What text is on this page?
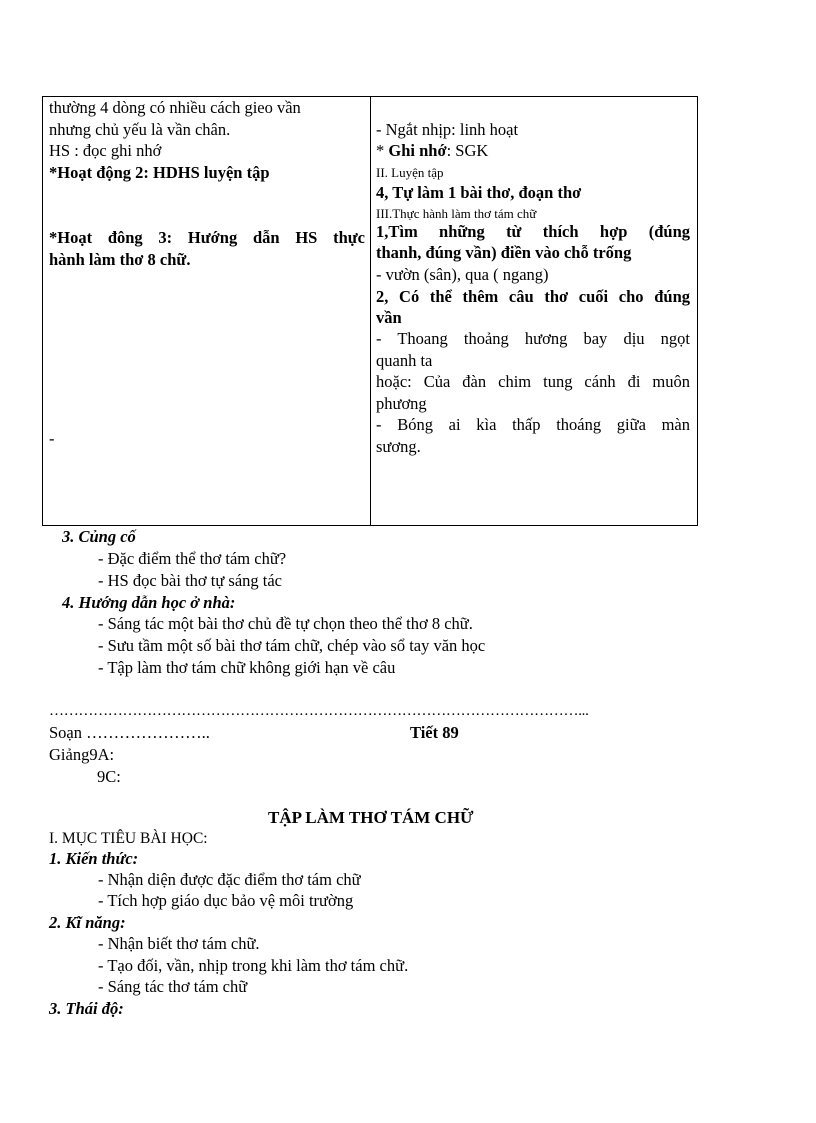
thường 4 dòng có nhiều cách gieo vần
nhưng chủ yếu là vần chân.
HS : đọc ghi nhớ
*Hoạt động 2: HDHS luyện tập
*Hoạt đông 3: Hướng dẫn HS thực
hành làm thơ 8 chữ.
-
- Ngắt nhịp: linh hoạt
* Ghi nhớ: SGK
II. Luyện tập
4, Tự làm 1 bài thơ, đoạn thơ
III.Thực hành làm thơ tám chữ
1,Tìm những từ thích hợp (đúng
thanh, đúng vần) điền vào chỗ trống
- vườn (sân), qua ( ngang)
2, Có thể thêm câu thơ cuối cho đúng
vần
- Thoang thoảng hương bay dịu ngọt
quanh ta
hoặc: Của đàn chim tung cánh đi muôn
phương
- Bóng ai kìa thấp thoáng giữa màn
sương.
3. Củng cố
- Đặc điểm thể thơ tám chữ?
- HS đọc bài thơ tự sáng tác
4. Hướng dẫn học ở nhà:
- Sáng tác một bài thơ chủ đề tự chọn theo thể thơ 8 chữ.
- Sưu tầm một số bài thơ tám chữ, chép vào sổ tay văn học
- Tập làm thơ tám chữ không giới hạn về câu
………………………………………………………………………………………………...
Soạn …………………..	Tiết 89
Giảng9A:
9C:
TẬP LÀM THƠ TÁM CHỮ
I. MỤC TIÊU BÀI HỌC:
1. Kiến thức:
- Nhận diện được đặc điểm thơ tám chữ
- Tích hợp giáo dục bảo vệ môi trường
2. Kĩ năng:
- Nhận biết thơ tám chữ.
- Tạo đối, vần, nhịp trong khi làm thơ tám chữ.
- Sáng tác thơ tám chữ
3. Thái độ:
